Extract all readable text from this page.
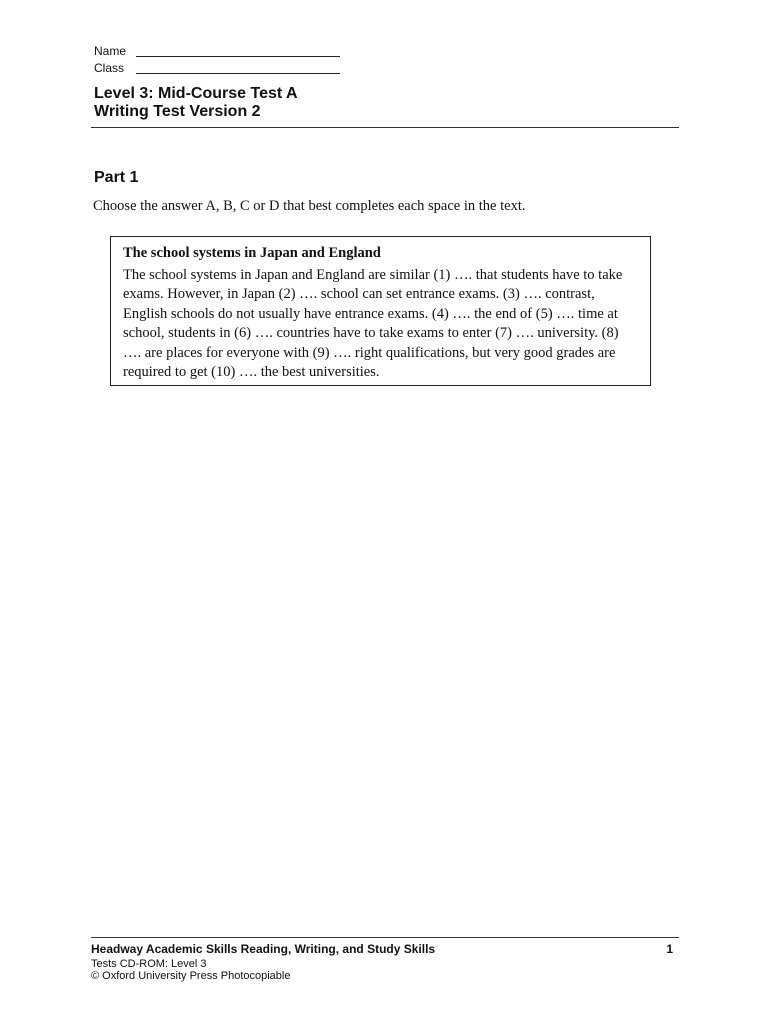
Name
Class
Level 3: Mid-Course Test A
Writing Test Version 2
Part 1
Choose the answer A, B, C or D that best completes each space in the text.
The school systems in Japan and England

The school systems in Japan and England are similar (1) …. that students have to take exams. However, in Japan (2) …. school can set entrance exams. (3) …. contrast, English schools do not usually have entrance exams. (4) …. the end of (5) …. time at school, students in (6) …. countries have to take exams to enter (7) …. university. (8) …. are places for everyone with (9) …. right qualifications, but very good grades are required to get (10) …. the best universities.

Headway Academic Skills Reading, Writing, and Study Skills	1
Tests CD-ROM: Level 3
© Oxford University Press Photocopiable
